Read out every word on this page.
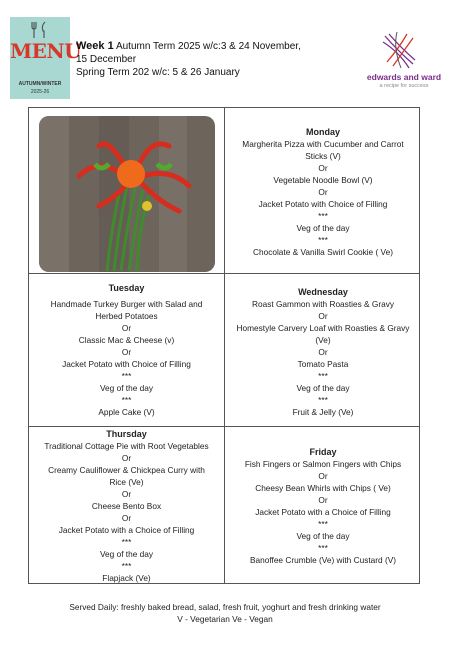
MENU
AUTUMN/WINTER
2025-26
Week 1 Autumn Term 2025 w/c:3 & 24 November,
15 December
Spring Term 202 w/c: 5 & 26 January	edwards and ward
a recipe for success
Monday
Margherita Pizza with Cucumber and Carrot
Sticks (V)
Or
Vegetable Noodle Bowl (V)
Or
Jacket Potato with Choice of Filling
***
Veg of the day
***
Chocolate & Vanilla Swirl Cookie ( Ve)
Tuesday
Handmade Turkey Burger with Salad and
Herbed Potatoes
Or
Classic Mac & Cheese (v)
Or
Jacket Potato with Choice of Filling
***
Veg of the day
***
Apple Cake (V)
Wednesday
Roast Gammon with Roasties & Gravy
Or
Homestyle Carvery Loaf with Roasties & Gravy
(Ve)
Or
Tomato Pasta
***
Veg of the day
***
Fruit & Jelly (Ve)
Thursday
Traditional Cottage Pie with Root Vegetables
Or
Creamy Cauliflower & Chickpea Curry with
Rice (Ve)
Or
Cheese Bento Box
Or
Jacket Potato with a Choice of Filling
***
Veg of the day
***
Flapjack (Ve)
Friday
Fish Fingers or Salmon Fingers with Chips
Or
Cheesy Bean Whirls with Chips ( Ve)
Or
Jacket Potato with a Choice of Filling
***
Veg of the day
***
Banoffee Crumble (Ve) with Custard (V)
Served Daily: freshly baked bread, salad, fresh fruit, yoghurt and fresh drinking water
V - Vegetarian Ve - Vegan
